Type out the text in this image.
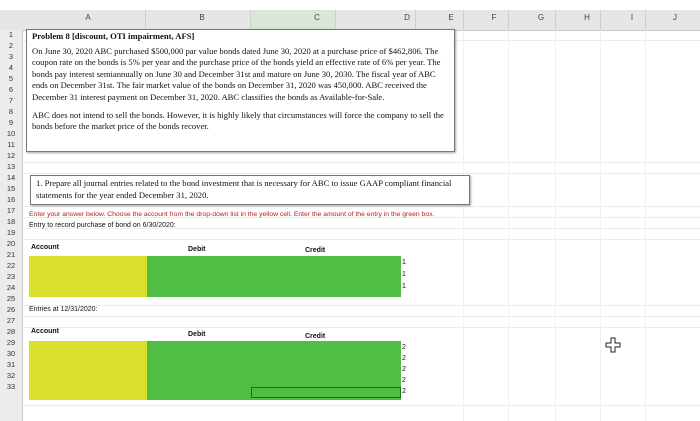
A	B	C	D	E	F	G	H	I	J
1
2
3
4
5
6
7
8
9
10
11
12
13
14
15
16
17
18
19
20
21
22
23
24
25
26
27
28
29
30
31
32
33

Problem 8 [discount, OTI impairment, AFS]

On June 30, 2020 ABC purchased $500,000 par value bonds dated June 30, 2020 at a purchase price of $462,806. The coupon rate on the bonds is 5% per year and the purchase price of the bonds yield an effective rate of 6% per year. The bonds pay interest semiannually on June 30 and December 31st and mature on June 30, 2030. The fiscal year of ABC ends on December 31st. The fair market value of the bonds on December 31, 2020 was 450,000. ABC received the December 31 interest payment on December 31, 2020. ABC classifies the bonds as Available-for-Sale.

ABC does not intend to sell the bonds. However, it is highly likely that circumstances will force the company to sell the bonds before the market price of the bonds recover.

1. Prepare all journal entries related to the bond investment that is necessary for ABC to issue GAAP compliant financial statements for the year ended December 31, 2020.

Enter your answer below. Choose the account from the drop-down list in the yellow cell. Enter the amount of the entry in the green box.
Entry to record purchase of bond on 6/30/2020:
Account	Debit	Credit
1
1
1
Entries at 12/31/2020:
Account	Debit	Credit
2
2
2
2
2
